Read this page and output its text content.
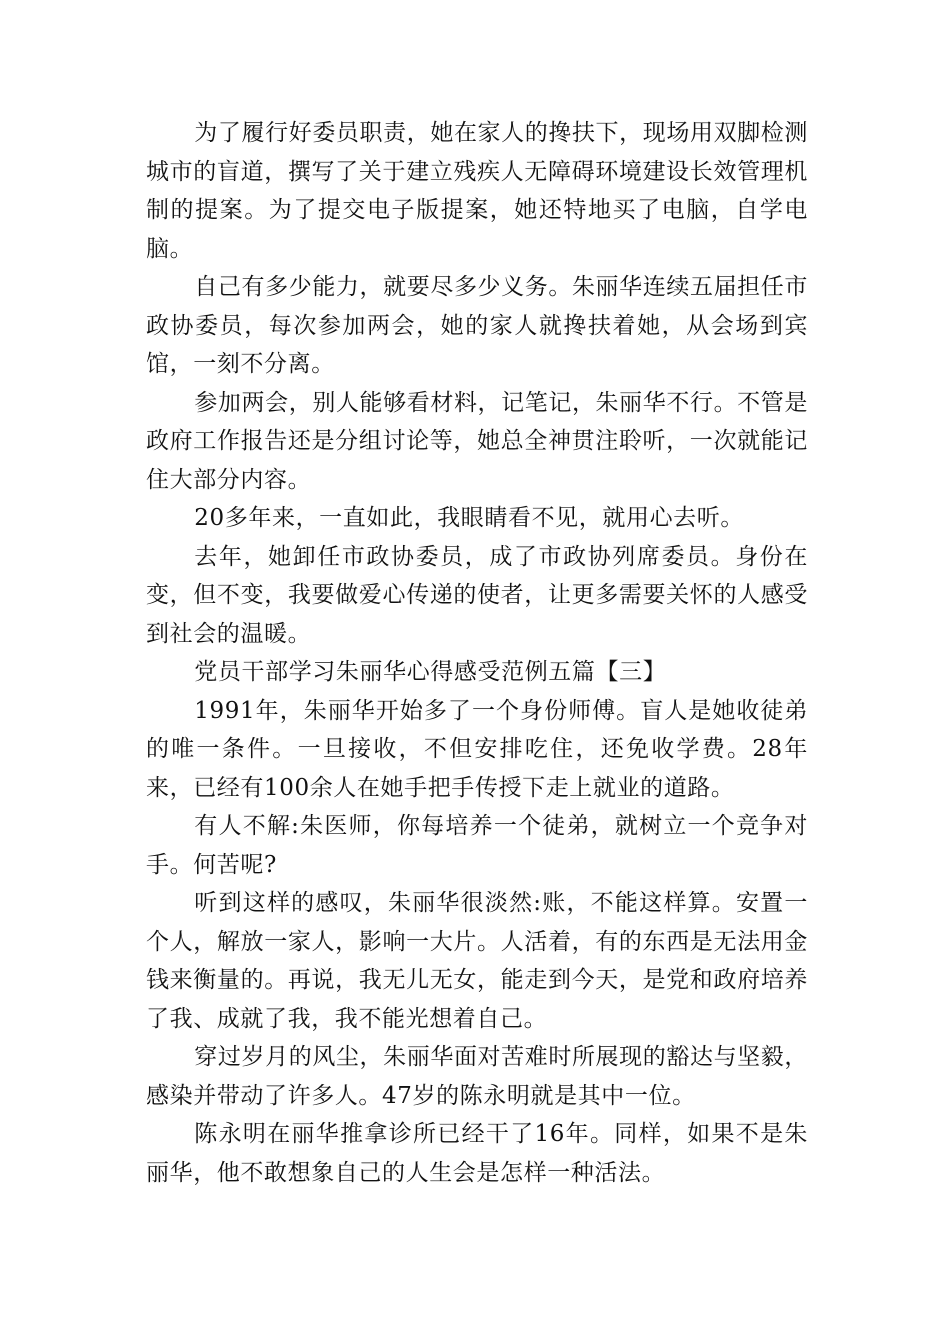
为了履行好委员职责，她在家人的搀扶下，现场用双脚检测城市的盲道，撰写了关于建立残疾人无障碍环境建设长效管理机制的提案。为了提交电子版提案，她还特地买了电脑，自学电脑。

自己有多少能力，就要尽多少义务。朱丽华连续五届担任市政协委员，每次参加两会，她的家人就搀扶着她，从会场到宾馆，一刻不分离。

参加两会，别人能够看材料，记笔记，朱丽华不行。不管是政府工作报告还是分组讨论等，她总全神贯注聆听，一次就能记住大部分内容。

20多年来，一直如此，我眼睛看不见，就用心去听。

去年，她卸任市政协委员，成了市政协列席委员。身份在变，但不变，我要做爱心传递的使者，让更多需要关怀的人感受到社会的温暖。

党员干部学习朱丽华心得感受范例五篇【三】

1991年，朱丽华开始多了一个身份师傅。盲人是她收徒弟的唯一条件。一旦接收，不但安排吃住，还免收学费。28年来，已经有100余人在她手把手传授下走上就业的道路。

有人不解:朱医师，你每培养一个徒弟，就树立一个竞争对手。何苦呢?

听到这样的感叹，朱丽华很淡然:账，不能这样算。安置一个人，解放一家人，影响一大片。人活着，有的东西是无法用金钱来衡量的。再说，我无儿无女，能走到今天，是党和政府培养了我、成就了我，我不能光想着自己。

穿过岁月的风尘，朱丽华面对苦难时所展现的豁达与坚毅，感染并带动了许多人。47岁的陈永明就是其中一位。

陈永明在丽华推拿诊所已经干了16年。同样，如果不是朱丽华，他不敢想象自己的人生会是怎样一种活法。
